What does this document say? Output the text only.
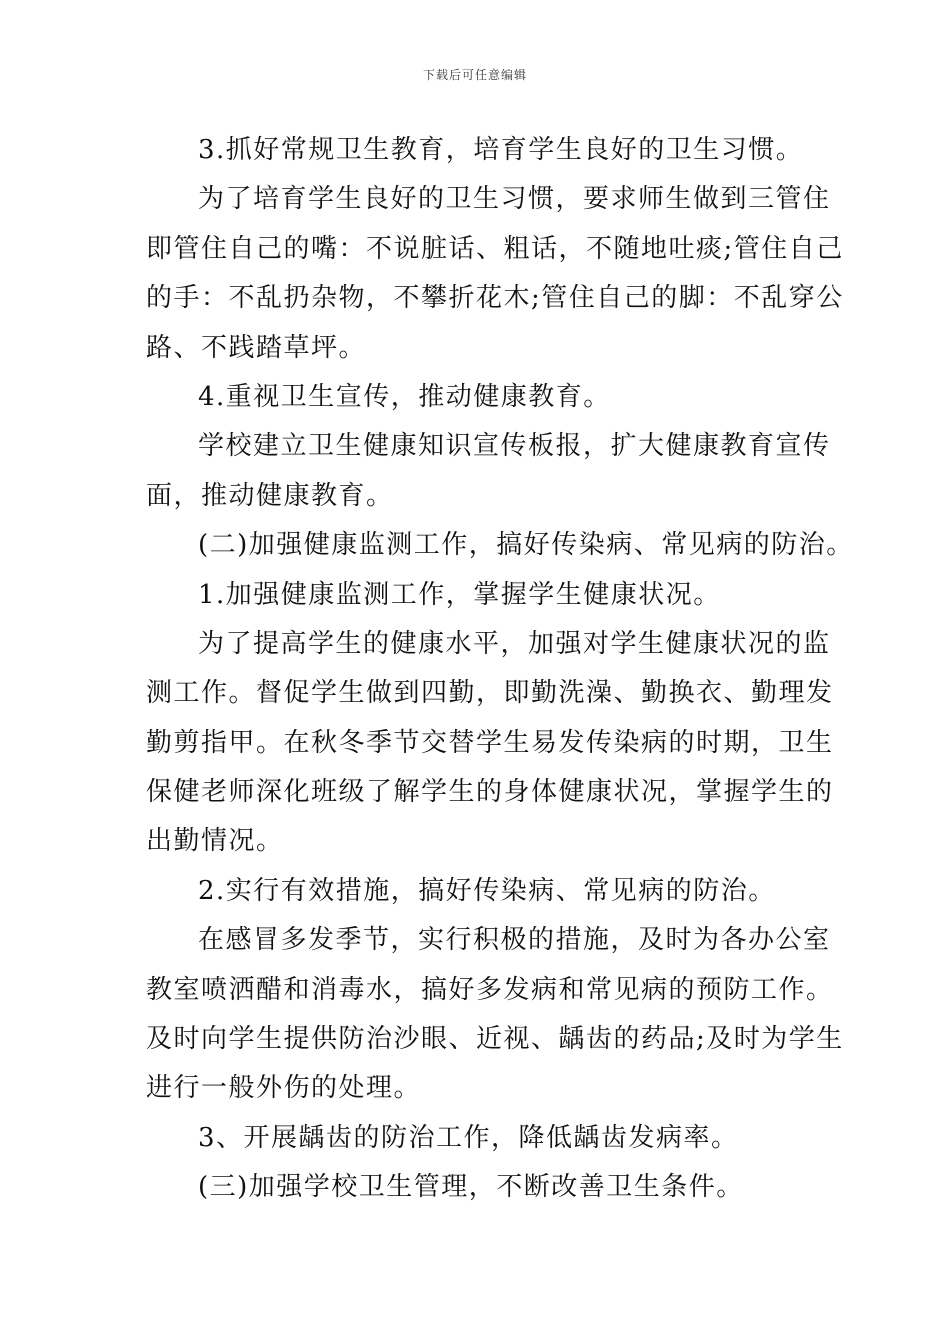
下载后可任意编辑
3.抓好常规卫生教育，培育学生良好的卫生习惯。
为了培育学生良好的卫生习惯，要求师生做到三管住
即管住自己的嘴：不说脏话、粗话，不随地吐痰;管住自己
的手：不乱扔杂物，不攀折花木;管住自己的脚：不乱穿公
路、不践踏草坪。
4.重视卫生宣传，推动健康教育。
学校建立卫生健康知识宣传板报，扩大健康教育宣传
面，推动健康教育。
(二)加强健康监测工作，搞好传染病、常见病的防治。
1.加强健康监测工作，掌握学生健康状况。
为了提高学生的健康水平，加强对学生健康状况的监
测工作。督促学生做到四勤，即勤洗澡、勤换衣、勤理发
勤剪指甲。在秋冬季节交替学生易发传染病的时期，卫生
保健老师深化班级了解学生的身体健康状况，掌握学生的
出勤情况。
2.实行有效措施，搞好传染病、常见病的防治。
在感冒多发季节，实行积极的措施，及时为各办公室
教室喷洒醋和消毒水，搞好多发病和常见病的预防工作。
及时向学生提供防治沙眼、近视、龋齿的药品;及时为学生
进行一般外伤的处理。
3、开展龋齿的防治工作，降低龋齿发病率。
(三)加强学校卫生管理，不断改善卫生条件。
